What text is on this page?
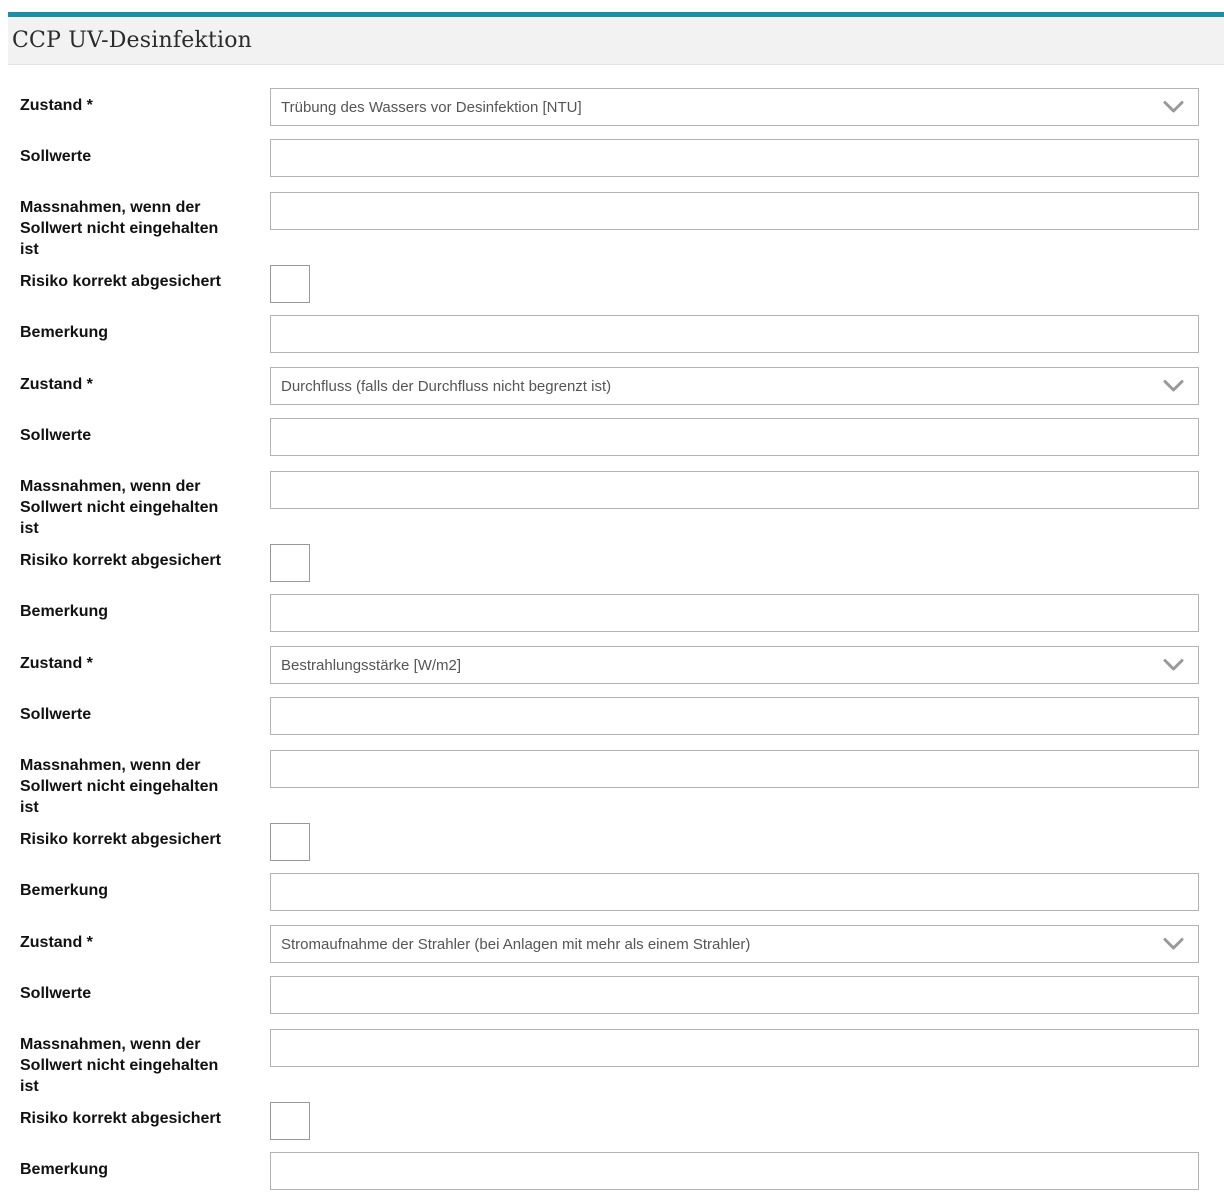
CCP UV-Desinfektion
Zustand *	Trübung des Wassers vor Desinfektion [NTU]
Sollwerte
Massnahmen, wenn der Sollwert nicht eingehalten ist
Risiko korrekt abgesichert
Bemerkung
Zustand *	Durchfluss (falls der Durchfluss nicht begrenzt ist)
Sollwerte
Massnahmen, wenn der Sollwert nicht eingehalten ist
Risiko korrekt abgesichert
Bemerkung
Zustand *	Bestrahlungsstärke [W/m2]
Sollwerte
Massnahmen, wenn der Sollwert nicht eingehalten ist
Risiko korrekt abgesichert
Bemerkung
Zustand *	Stromaufnahme der Strahler (bei Anlagen mit mehr als einem Strahler)
Sollwerte
Massnahmen, wenn der Sollwert nicht eingehalten ist
Risiko korrekt abgesichert
Bemerkung
